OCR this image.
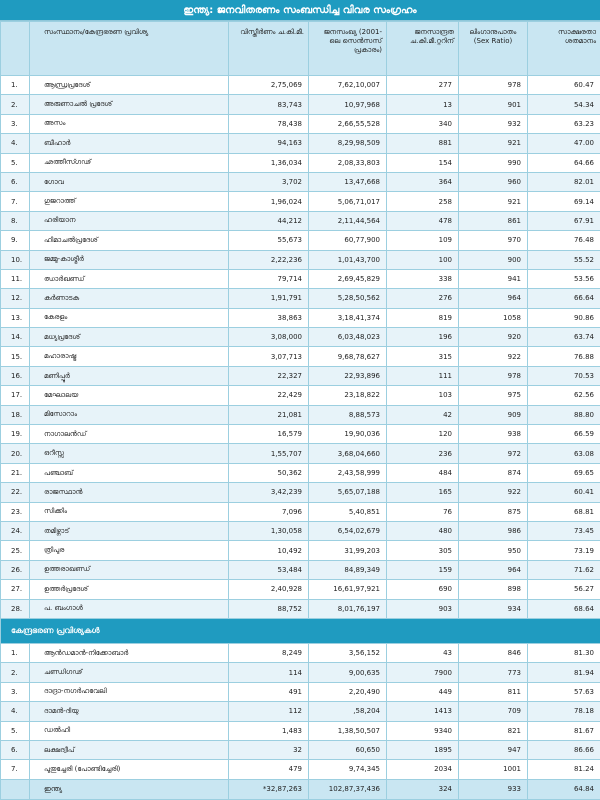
ഇന്ത്യ: ജനവിതരണം സംബന്ധിച്ച വിവര സംഗ്രഹം
	സംസ്ഥാനം/കേന്ദ്രഭരണ പ്രവിശ്യ	വിസ്തീർണം ച.കി.മീ.	ജനസംഖ്യ (2001-ലെ സെൻസസ് പ്രകാരം)	ജനസാന്ദ്രത ച.കി.മീ.റ്ററിന്	ലിംഗാനുപാതം (Sex Ratio)	സാക്ഷരതാ ശതമാനം
1.	ആന്ധ്രപ്രദേശ്	2,75,069	7,62,10,007	277	978	60.47
2.	അരുണാചൽ പ്രദേശ്	83,743	10,97,968	13	901	54.34
3.	അസം	78,438	2,66,55,528	340	932	63.23
4.	ബീഹാർ	94,163	8,29,98,509	881	921	47.00
5.	ഛത്തീസ്ഗഢ്	1,36,034	2,08,33,803	154	990	64.66
6.	ഗോവ	3,702	13,47,668	364	960	82.01
7.	ഗുജറാത്ത്	1,96,024	5,06,71,017	258	921	69.14
8.	ഹരിയാന	44,212	2,11,44,564	478	861	67.91
9.	ഹിമാചൽപ്രദേശ്	55,673	60,77,900	109	970	76.48
10.	ജമ്മു-കാശ്മീർ	2,22,236	1,01,43,700	100	900	55.52
11.	ഝാർഖണ്ഡ്	79,714	2,69,45,829	338	941	53.56
12.	കർണാടക	1,91,791	5,28,50,562	276	964	66.64
13.	കേരളം	38,863	3,18,41,374	819	1058	90.86
14.	മധ്യപ്രദേശ്	3,08,000	6,03,48,023	196	920	63.74
15.	മഹാരാഷ്ട്ര	3,07,713	9,68,78,627	315	922	76.88
16.	മണിപ്പൂർ	22,327	22,93,896	111	978	70.53
17.	മേഘാലയ	22,429	23,18,822	103	975	62.56
18.	മിസോറാം	21,081	8,88,573	42	909	88.80
19.	നാഗാലൻഡ്	16,579	19,90,036	120	938	66.59
20.	ഒറീസ്സ	1,55,707	3,68,04,660	236	972	63.08
21.	പഞ്ചാബ്	50,362	2,43,58,999	484	874	69.65
22.	രാജസ്ഥാൻ	3,42,239	5,65,07,188	165	922	60.41
23.	സിക്കിം	7,096	5,40,851	76	875	68.81
24.	തമിഴ്നാട്	1,30,058	6,54,02,679	480	986	73.45
25.	ത്രിപുര	10,492	31,99,203	305	950	73.19
26.	ഉത്തരാഖണ്ഡ്	53,484	84,89,349	159	964	71.62
27.	ഉത്തർപ്രദേശ്	2,40,928	16,61,97,921	690	898	56.27
28.	പ. ബംഗാൾ	88,752	8,01,76,197	903	934	68.64
കേന്ദ്രഭരണ പ്രവിശ്യകൾ						
1.	ആൻഡമാൻ-നിക്കോബാർ	8,249	3,56,152	43	846	81.30
2.	ചണ്ഡിഗഢ്	114	9,00,635	7900	773	81.94
3.	ദാദ്രാ-നഗർഹവേലി	491	2,20,490	449	811	57.63
4.	ദാമൻ-ദിയു	112	,58,204	1413	709	78.18
5.	ഡൽഹി	1,483	1,38,50,507	9340	821	81.67
6.	ലക്ഷദ്വീപ്	32	60,650	1895	947	86.66
7.	പുതുച്ചേരി (പോണ്ടിച്ചേരി)	479	9,74,345	2034	1001	81.24
	ഇന്ത്യ	*32,87,263	102,87,37,436	324	933	64.84
